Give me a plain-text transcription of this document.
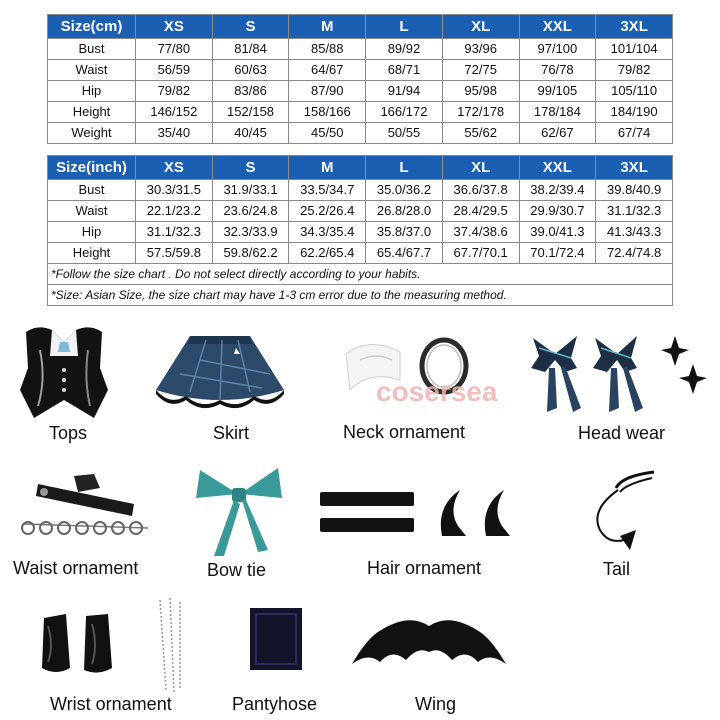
Size(cm)	XS	S	M	L	XL	XXL	3XL
Bust	77/80	81/84	85/88	89/92	93/96	97/100	101/104
Waist	56/59	60/63	64/67	68/71	72/75	76/78	79/82
Hip	79/82	83/86	87/90	91/94	95/98	99/105	105/110
Height	146/152	152/158	158/166	166/172	172/178	178/184	184/190
Weight	35/40	40/45	45/50	50/55	55/62	62/67	67/74
Size(inch)	XS	S	M	L	XL	XXL	3XL
Bust	30.3/31.5	31.9/33.1	33.5/34.7	35.0/36.2	36.6/37.8	38.2/39.4	39.8/40.9
Waist	22.1/23.2	23.6/24.8	25.2/26.4	26.8/28.0	28.4/29.5	29.9/30.7	31.1/32.3
Hip	31.1/32.3	32.3/33.9	34.3/35.4	35.8/37.0	37.4/38.6	39.0/41.3	41.3/43.3
Height	57.5/59.8	59.8/62.2	62.2/65.4	65.4/67.7	67.7/70.1	70.1/72.4	72.4/74.8
*Follow the size chart . Do not select directly according to your habits.							
*Size: Asian Size, the size chart may have 1-3 cm error due to the measuring method.							
Tops	Skirt
cosersea
Neck ornament	Head wear
Waist ornament	Bow tie	Hair ornament	Tail
Wrist ornament	Pantyhose	Wing
